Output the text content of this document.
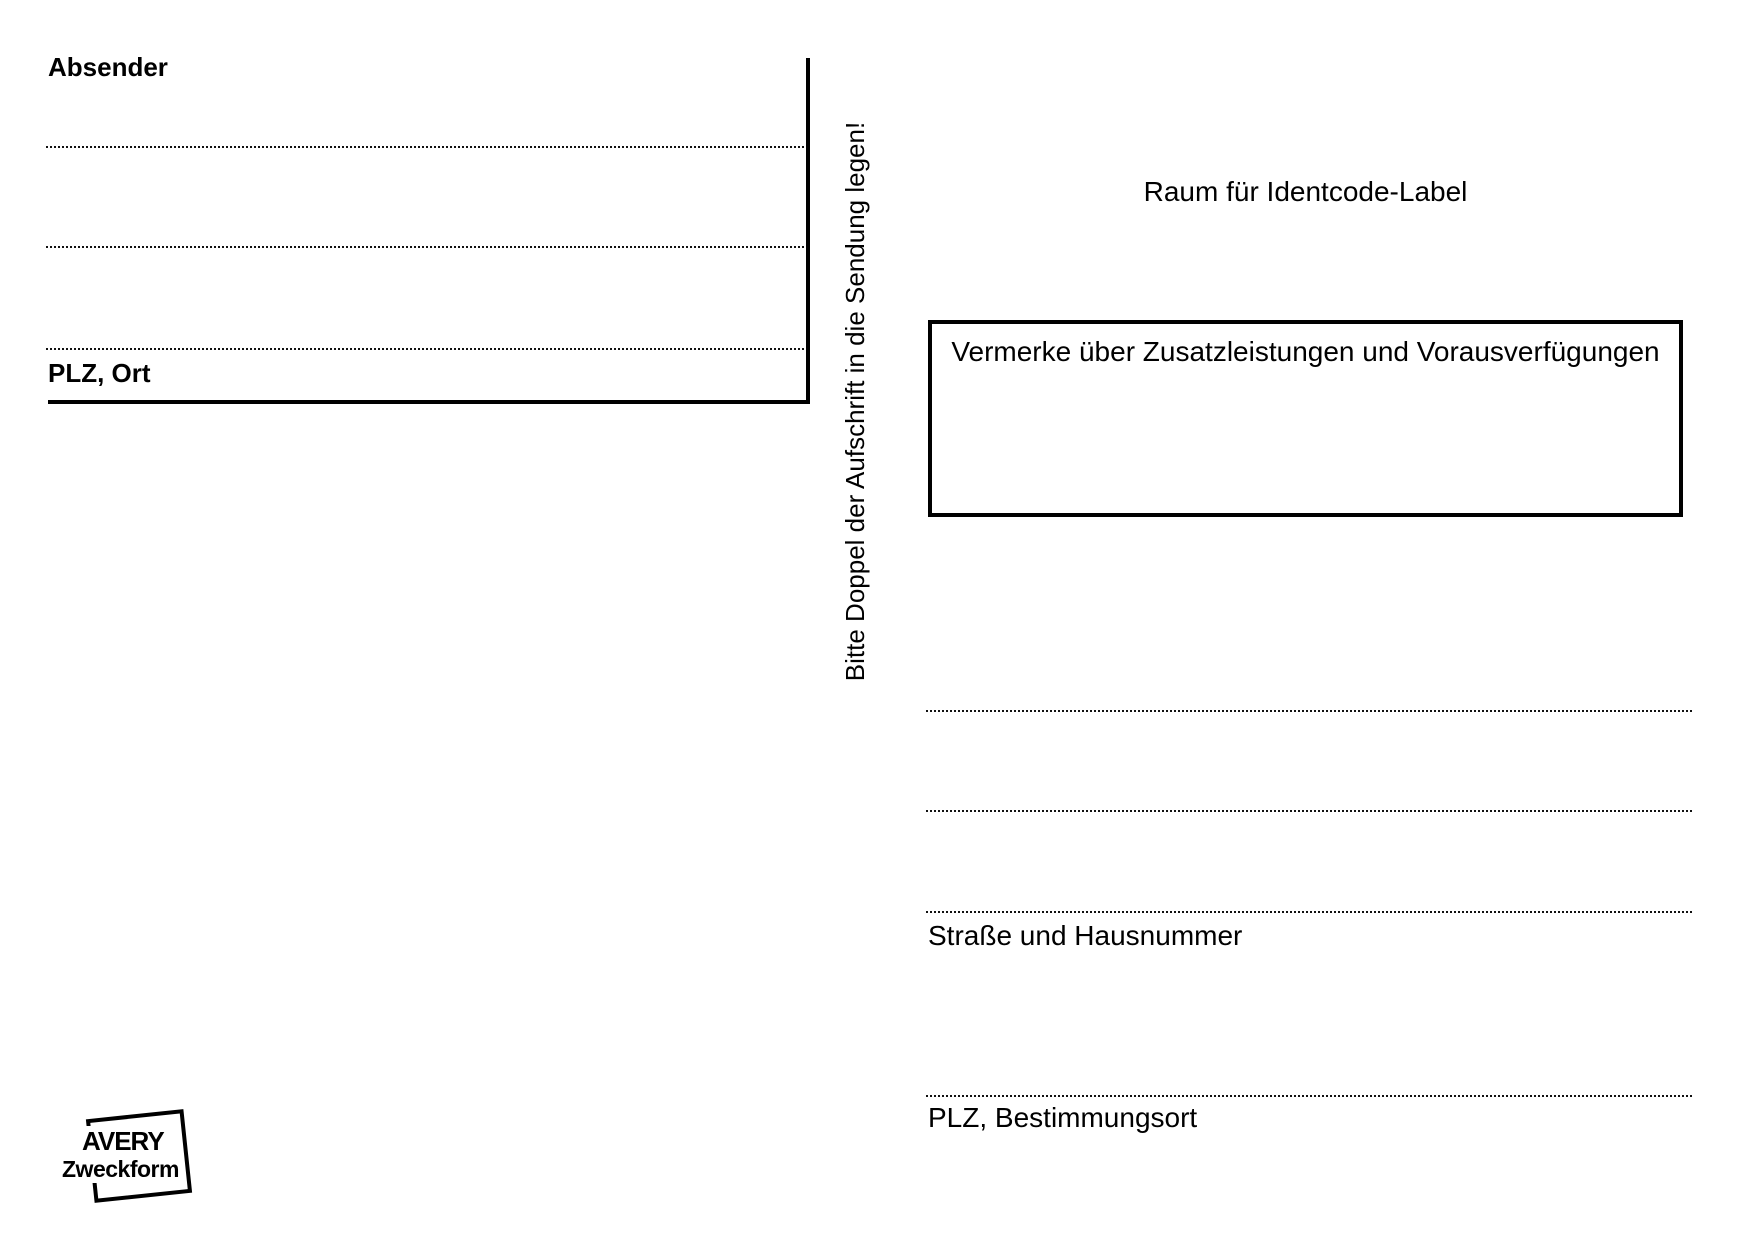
Absender
PLZ, Ort	Bitte Doppel der Aufschrift in die Sendung legen!	Raum für Identcode-Label
Vermerke über Zusatzleistungen und Vorausverfügungen
Straße und Hausnummer
PLZ, Bestimmungsort
AVERY
Zweckform
